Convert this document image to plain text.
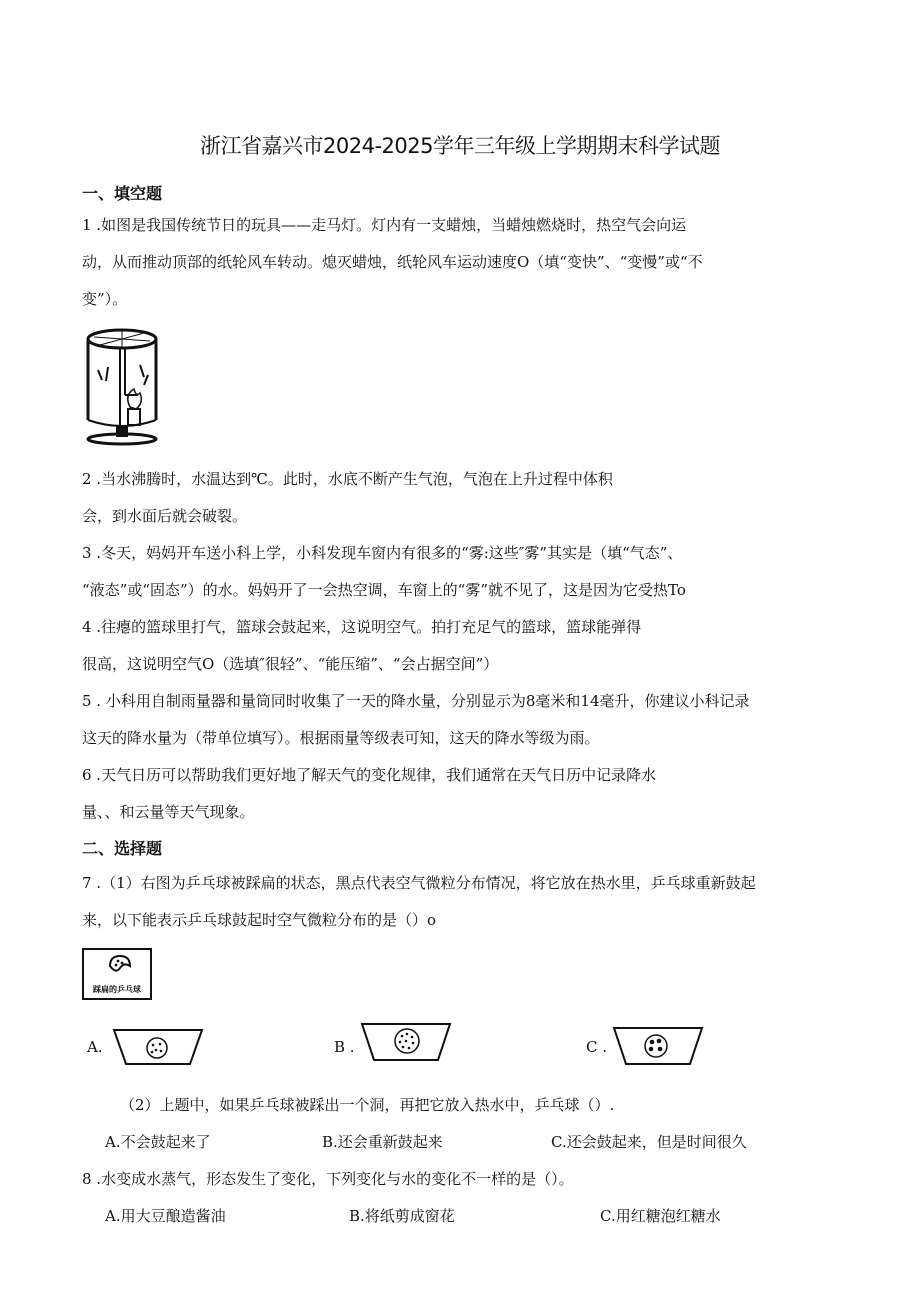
浙江省嘉兴市2024-2025学年三年级上学期期末科学试题
一、填空题
1 .如图是我国传统节日的玩具——走马灯。灯内有一支蜡烛，当蜡烛燃烧时，热空气会向运
动，从而推动顶部的纸轮风车转动。熄灭蜡烛，纸轮风车运动速度O（填“变快”、“变慢”或“不
变”）。
2 .当水沸腾时，水温达到℃。此时，水底不断产生气泡，气泡在上升过程中体积
会，到水面后就会破裂。
3 .冬天，妈妈开车送小科上学，小科发现车窗内有很多的“雾:这些″雾”其实是（填“气态”、
“液态”或“固态”）的水。妈妈开了一会热空调，车窗上的“雾”就不见了，这是因为它受热To
4 .往瘪的篮球里打气，篮球会鼓起来，这说明空气。拍打充足气的篮球，篮球能弹得
很高，这说明空气O（选填″很轻”、“能压缩”、“会占据空间”）
5 . 小科用自制雨量器和量筒同时收集了一天的降水量，分别显示为8毫米和14毫升，你建议小科记录
这天的降水量为（带单位填写）。根据雨量等级表可知，这天的降水等级为雨。
6 .天气日历可以帮助我们更好地了解天气的变化规律，我们通常在天气日历中记录降水
量、、和云量等天气现象。
二、选择题
7 .（1）右图为乒乓球被踩扁的状态，黑点代表空气微粒分布情况，将它放在热水里，乒乓球重新鼓起
来，以下能表示乒乓球鼓起时空气微粒分布的是（）o
踩扁的乒乓球
A.	B .	C .
（2）上题中，如果乒乓球被踩出一个洞，再把它放入热水中，乒乓球（）.
A.不会鼓起来了	B.还会重新鼓起来	C.还会鼓起来，但是时间很久
8 .水变成水蒸气，形态发生了变化，下列变化与水的变化不一样的是（）。
A.用大豆酿造酱油	B.将纸剪成窗花	C.用红糖泡红糖水
